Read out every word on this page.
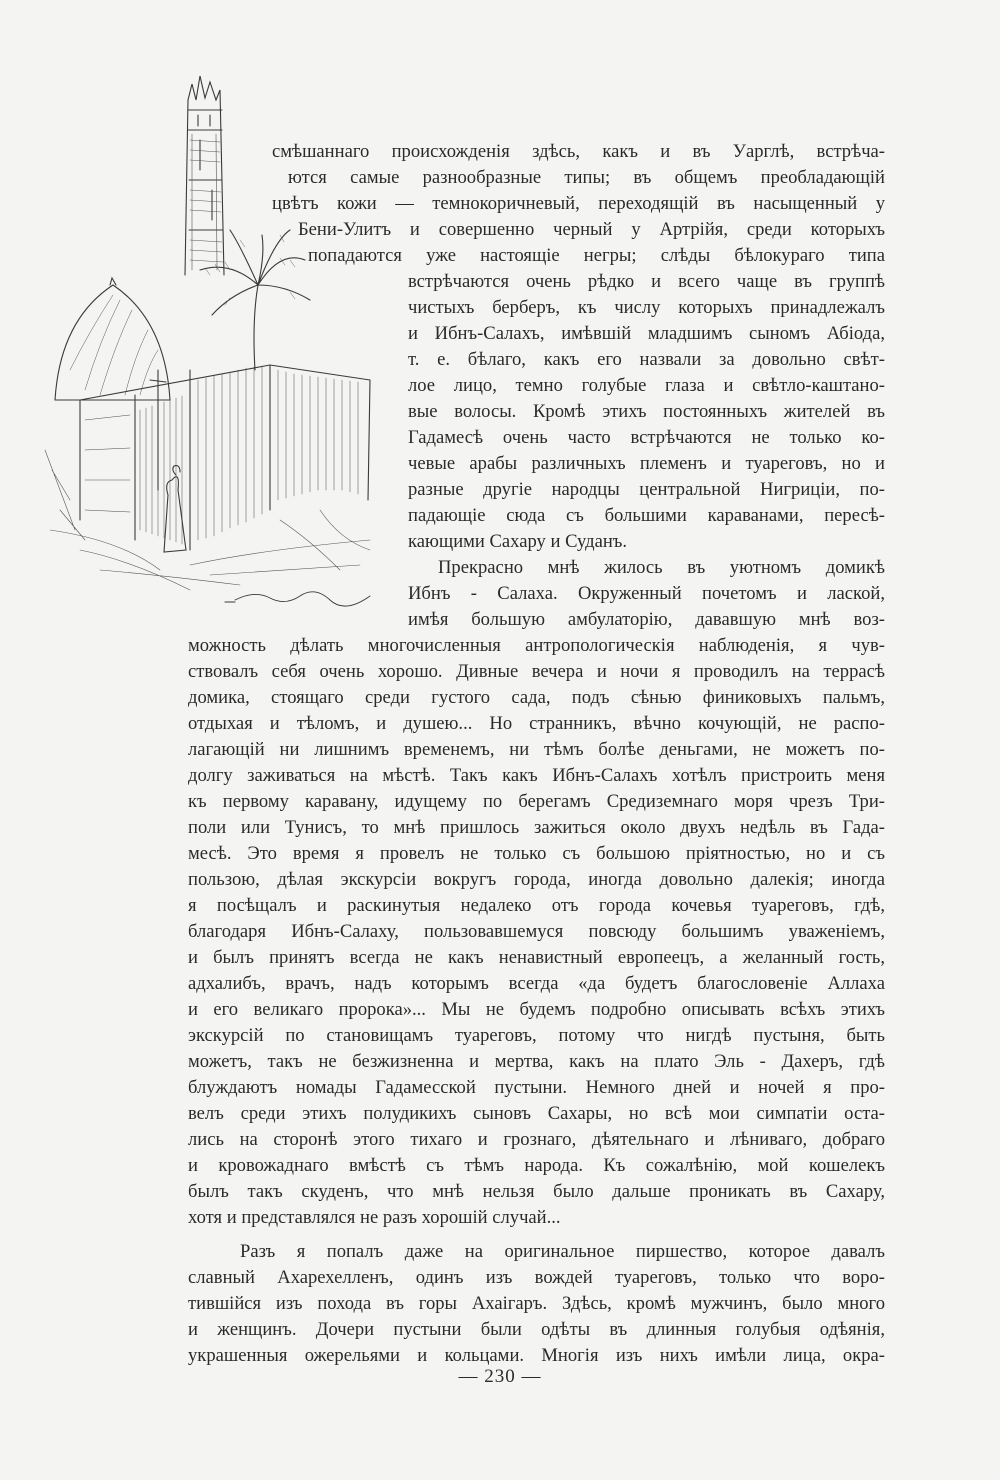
смѣшаннаго происхожденія здѣсь, какъ и въ Уарглѣ, встрѣча-
ются самые разнообразные типы; въ общемъ преобладающій
цвѣтъ кожи — темнокоричневый, переходящій въ насыщенный у
Бени-Улитъ и совершенно черный у Артрійя, среди которыхъ
попадаются уже настоящіе негры; слѣды бѣлокураго типа
встрѣчаются очень рѣдко и всего чаще въ группѣ
чистыхъ берберъ, къ числу которыхъ принадлежалъ
и Ибнъ-Салахъ, имѣвшій младшимъ сыномъ Абіода,
т. е. бѣлаго, какъ его назвали за довольно свѣт-
лое лицо, темно голубые глаза и свѣтло-каштано-
вые волосы. Кромѣ этихъ постоянныхъ жителей въ
Гадамесѣ очень часто встрѣчаются не только ко-
чевые арабы различныхъ племенъ и туареговъ, но и
разные другіе народцы центральной Нигриціи, по-
падающіе сюда съ большими караванами, пересѣ-
кающими Сахару и Суданъ.
Прекрасно мнѣ жилось въ уютномъ домикѣ
Ибнъ - Салаха. Окруженный почетомъ и лаской,
имѣя большую амбулаторію, дававшую мнѣ воз-
можность дѣлать многочисленныя антропологическія наблюденія, я чув-
ствовалъ себя очень хорошо. Дивные вечера и ночи я проводилъ на террасѣ
домика, стоящаго среди густого сада, подъ сѣнью финиковыхъ пальмъ,
отдыхая и тѣломъ, и душею... Но странникъ, вѣчно кочующій, не распо-
лагающій ни лишнимъ временемъ, ни тѣмъ болѣе деньгами, не можетъ по-
долгу заживаться на мѣстѣ. Такъ какъ Ибнъ-Салахъ хотѣлъ пристроить меня
къ первому каравану, идущему по берегамъ Средиземнаго моря чрезъ Три-
поли или Тунисъ, то мнѣ пришлось зажиться около двухъ недѣль въ Гада-
месѣ. Это время я провелъ не только съ большою пріятностью, но и съ
пользою, дѣлая экскурсіи вокругъ города, иногда довольно далекія; иногда
я посѣщалъ и раскинутыя недалеко отъ города кочевья туареговъ, гдѣ,
благодаря Ибнъ-Салаху, пользовавшемуся повсюду большимъ уваженіемъ,
и былъ принятъ всегда не какъ ненавистный европеецъ, а желанный гость,
адхалибъ, врачъ, надъ которымъ всегда «да будетъ благословеніе Аллаха
и его великаго пророка»... Мы не будемъ подробно описывать всѣхъ этихъ
экскурсій по становищамъ туареговъ, потому что нигдѣ пустыня, быть
можетъ, такъ не безжизненна и мертва, какъ на плато Эль - Дахеръ, гдѣ
блуждаютъ номады Гадамесской пустыни. Немного дней и ночей я про-
велъ среди этихъ полудикихъ сыновъ Сахары, но всѣ мои симпатіи оста-
лись на сторонѣ этого тихаго и грознаго, дѣятельнаго и лѣниваго, добраго
и кровожаднаго вмѣстѣ съ тѣмъ народа. Къ сожалѣнію, мой кошелекъ
былъ такъ скуденъ, что мнѣ нельзя было дальше проникать въ Сахару,
хотя и представлялся не разъ хорошій случай...
Разъ я попалъ даже на оригинальное пиршество, которое давалъ
славный Ахарехелленъ, одинъ изъ вождей туареговъ, только что воро-
тившійся изъ похода въ горы Ахаігаръ. Здѣсь, кромѣ мужчинъ, было много
и женщинъ. Дочери пустыни были одѣты въ длинныя голубыя одѣянія,
украшенныя ожерельями и кольцами. Многія изъ нихъ имѣли лица, окра-
— 230 —
